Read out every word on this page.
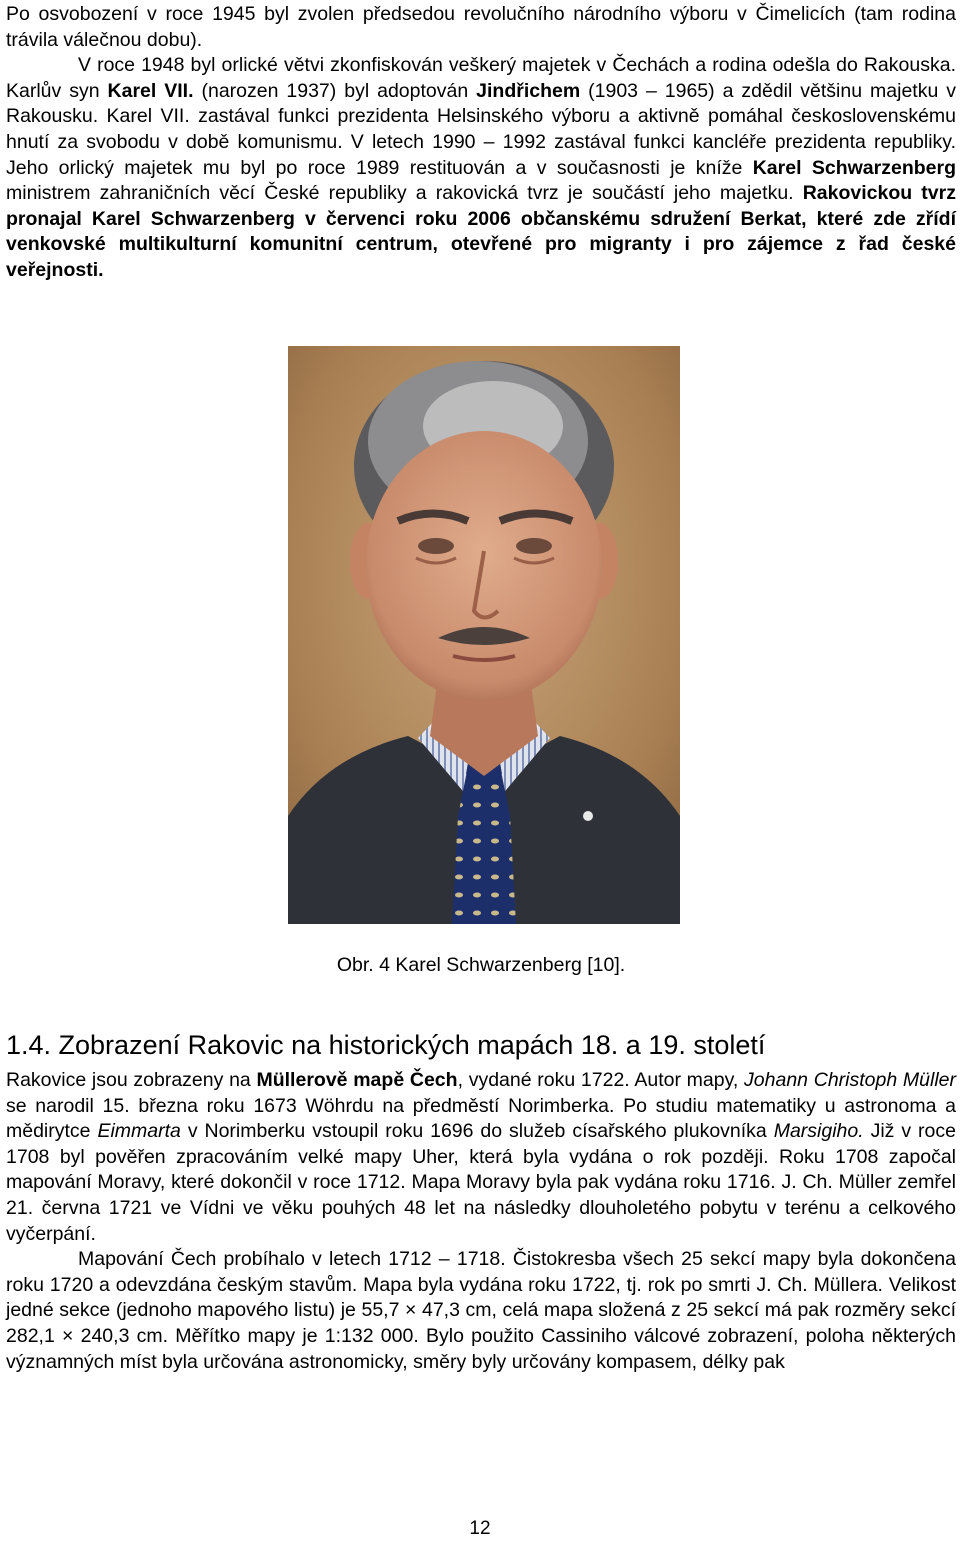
Po osvobození v roce 1945 byl zvolen předsedou revolučního národního výboru v Čimelicích (tam rodina trávila válečnou dobu).

V roce 1948 byl orlické větvi zkonfiskován veškerý majetek v Čechách a rodina odešla do Rakouska. Karlův syn Karel VII. (narozen 1937) byl adoptován Jindřichem (1903 – 1965) a zdědil většinu majetku v Rakousku. Karel VII. zastával funkci prezidenta Helsinského výboru a aktivně pomáhal československému hnutí za svobodu v době komunismu. V letech 1990 – 1992 zastával funkci kancléře prezidenta republiky. Jeho orlický majetek mu byl po roce 1989 restituován a v současnosti je kníže Karel Schwarzenberg ministrem zahraničních věcí České republiky a rakovická tvrz je součástí jeho majetku. Rakovickou tvrz pronajal Karel Schwarzenberg v červenci roku 2006 občanskému sdružení Berkat, které zde zřídí venkovské multikulturní komunitní centrum, otevřené pro migranty i pro zájemce z řad české veřejnosti.

Obr. 4 Karel Schwarzenberg [10].

1.4. Zobrazení Rakovic na historických mapách 18. a 19. století

Rakovice jsou zobrazeny na Müllerově mapě Čech, vydané roku 1722. Autor mapy, Johann Christoph Müller se narodil 15. března roku 1673 Wöhrdu na předměstí Norimberka. Po studiu matematiky u astronoma a mědirytce Eimmarta v Norimberku vstoupil roku 1696 do služeb císařského plukovníka Marsigiho. Již v roce 1708 byl pověřen zpracováním velké mapy Uher, která byla vydána o rok později. Roku 1708 započal mapování Moravy, které dokončil v roce 1712. Mapa Moravy byla pak vydána roku 1716. J. Ch. Müller zemřel 21. června 1721 ve Vídni ve věku pouhých 48 let na následky dlouholetého pobytu v terénu a celkového vyčerpání.

Mapování Čech probíhalo v letech 1712 – 1718. Čistokresba všech 25 sekcí mapy byla dokončena roku 1720 a odevzdána českým stavům. Mapa byla vydána roku 1722, tj. rok po smrti J. Ch. Müllera. Velikost jedné sekce (jednoho mapového listu) je 55,7 × 47,3 cm, celá mapa složená z 25 sekcí má pak rozměry sekcí 282,1 × 240,3 cm. Měřítko mapy je 1:132 000. Bylo použito Cassiniho válcové zobrazení, poloha některých významných míst byla určována astronomicky, směry byly určovány kompasem, délky pak

12
